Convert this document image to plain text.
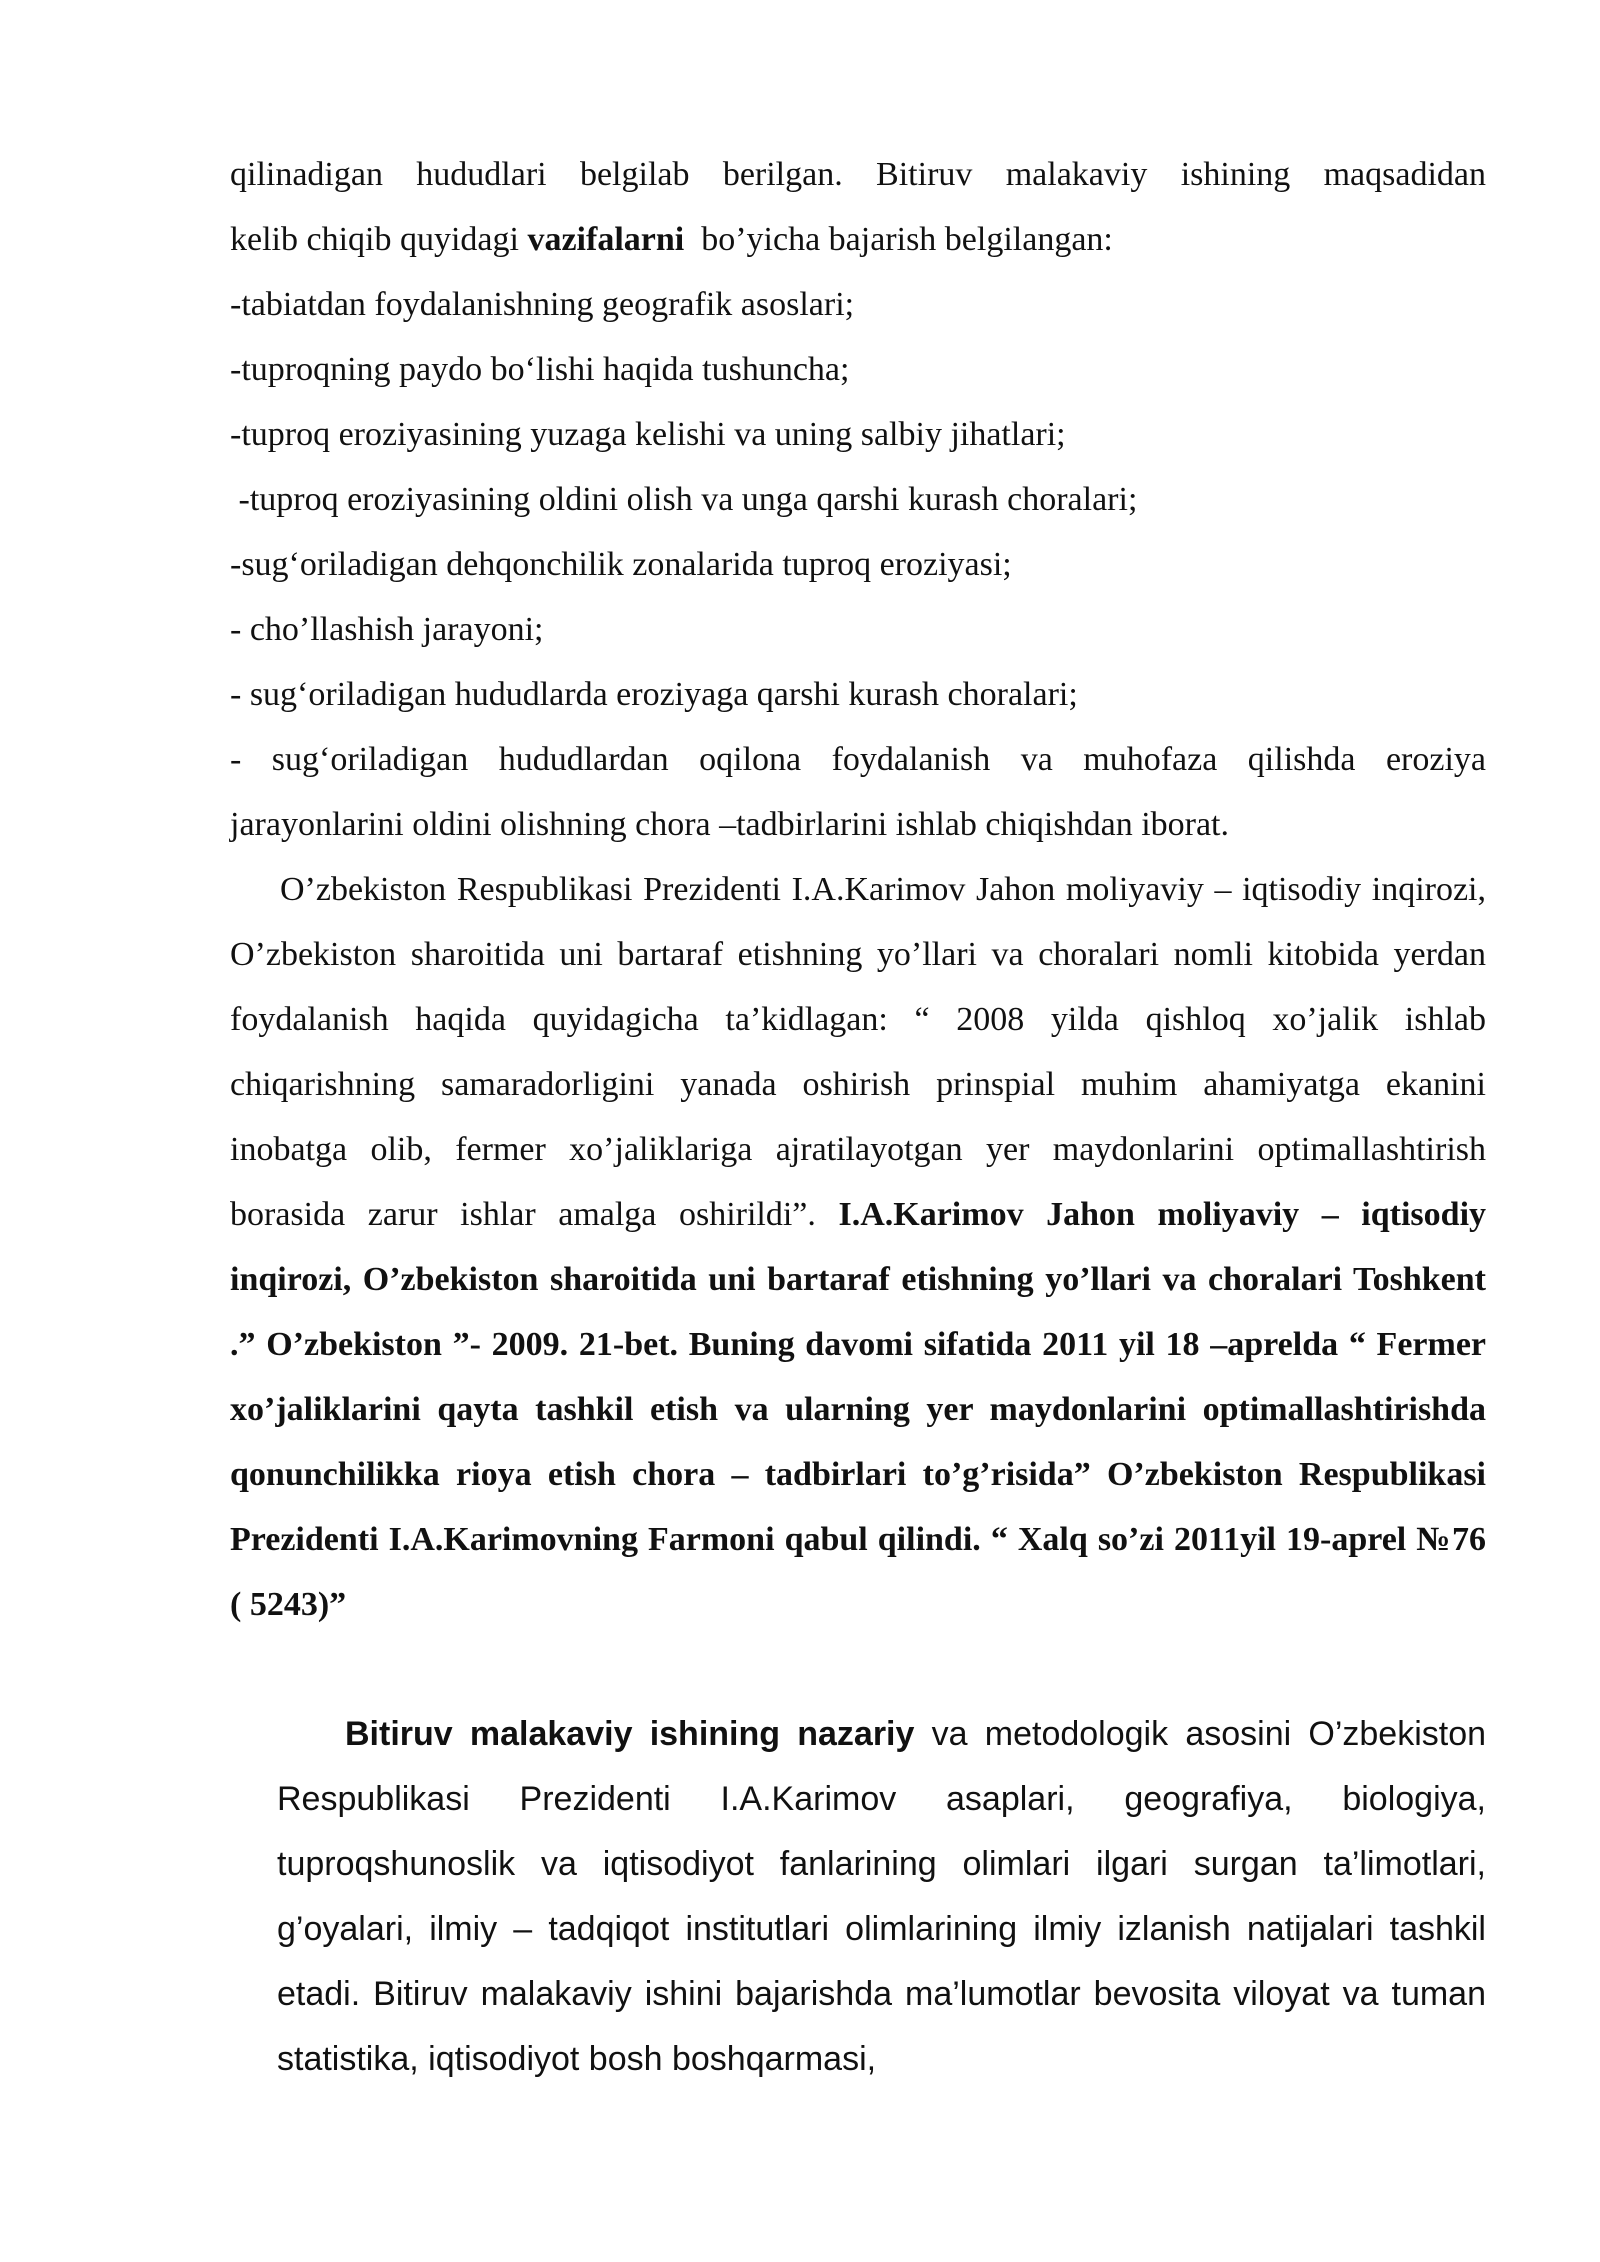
qilinadigan hududlari belgilab berilgan. Bitiruv malakaviy ishining maqsadidan

kelib chiqib quyidagi vazifalarni  bo’yicha bajarish belgilangan:

-tabiatdan foydalanishning geografik asoslari;

-tuproqning paydo bo‘lishi haqida tushuncha;

-tuproq eroziyasining yuzaga kelishi va uning salbiy jihatlari;

-tuproq eroziyasining oldini olish va unga qarshi kurash choralari;

-sug‘oriladigan dehqonchilik zonalarida tuproq eroziyasi;

- cho’llashish jarayoni;

- sug‘oriladigan hududlarda eroziyaga qarshi kurash choralari;

- sug‘oriladigan hududlardan oqilona foydalanish va muhofaza qilishda eroziya jarayonlarini oldini olishning chora –tadbirlarini ishlab chiqishdan iborat.

O’zbekiston Respublikasi Prezidenti I.A.Karimov Jahon moliyaviy – iqtisodiy inqirozi, O’zbekiston sharoitida uni bartaraf etishning yo’llari va choralari nomli kitobida yerdan foydalanish haqida quyidagicha ta’kidlagan: “ 2008 yilda qishloq xo’jalik ishlab chiqarishning samaradorligini yanada oshirish prinspial muhim ahamiyatga ekanini inobatga olib, fermer xo’jaliklariga ajratilayotgan yer maydonlarini optimallashtirish borasida zarur ishlar amalga oshirildi”. I.A.Karimov Jahon moliyaviy – iqtisodiy inqirozi, O’zbekiston sharoitida uni bartaraf etishning yo’llari va choralari Toshkent .” O’zbekiston ”- 2009. 21-bet. Buning davomi sifatida 2011 yil 18 –aprelda “ Fermer xo’jaliklarini qayta tashkil etish va ularning yer maydonlarini optimallashtirishda qonunchilikka rioya etish chora – tadbirlari to’g’risida” O’zbekiston Respublikasi Prezidenti I.A.Karimovning Farmoni qabul qilindi. “ Xalq so’zi 2011yil 19-aprel №76 ( 5243)”

Bitiruv malakaviy ishining nazariy va metodologik asosini O’zbekiston Respublikasi Prezidenti I.A.Karimov asaplari, geografiya, biologiya, tuproqshunoslik va iqtisodiyot fanlarining olimlari ilgari surgan ta’limotlari, g’oyalari, ilmiy – tadqiqot institutlari olimlarining ilmiy izlanish natijalari tashkil etadi. Bitiruv malakaviy ishini bajarishda ma’lumotlar bevosita viloyat va tuman statistika, iqtisodiyot bosh boshqarmasi,
